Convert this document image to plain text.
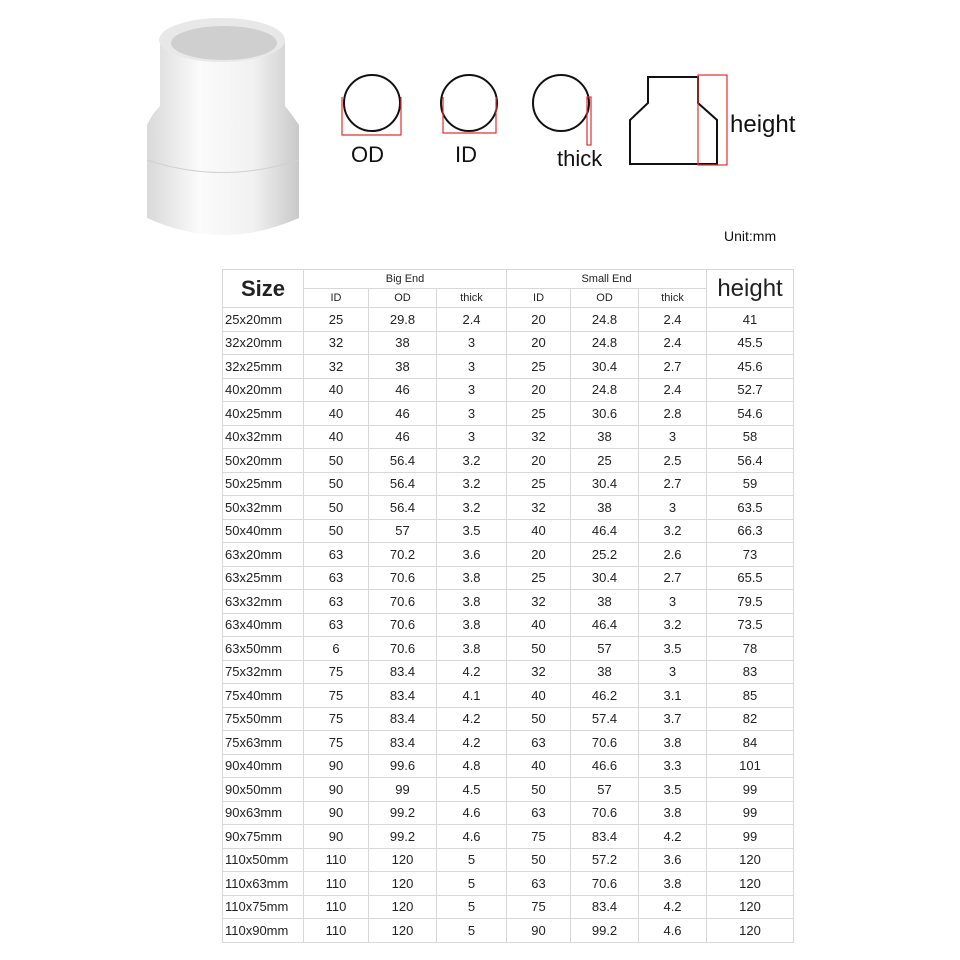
OD	ID	thick
height
Unit:mm
Size	Big End			Small End			height
	ID	OD	thick	ID	OD	thick	
25x20mm	25	29.8	2.4	20	24.8	2.4	41
32x20mm	32	38	3	20	24.8	2.4	45.5
32x25mm	32	38	3	25	30.4	2.7	45.6
40x20mm	40	46	3	20	24.8	2.4	52.7
40x25mm	40	46	3	25	30.6	2.8	54.6
40x32mm	40	46	3	32	38	3	58
50x20mm	50	56.4	3.2	20	25	2.5	56.4
50x25mm	50	56.4	3.2	25	30.4	2.7	59
50x32mm	50	56.4	3.2	32	38	3	63.5
50x40mm	50	57	3.5	40	46.4	3.2	66.3
63x20mm	63	70.2	3.6	20	25.2	2.6	73
63x25mm	63	70.6	3.8	25	30.4	2.7	65.5
63x32mm	63	70.6	3.8	32	38	3	79.5
63x40mm	63	70.6	3.8	40	46.4	3.2	73.5
63x50mm	6	70.6	3.8	50	57	3.5	78
75x32mm	75	83.4	4.2	32	38	3	83
75x40mm	75	83.4	4.1	40	46.2	3.1	85
75x50mm	75	83.4	4.2	50	57.4	3.7	82
75x63mm	75	83.4	4.2	63	70.6	3.8	84
90x40mm	90	99.6	4.8	40	46.6	3.3	101
90x50mm	90	99	4.5	50	57	3.5	99
90x63mm	90	99.2	4.6	63	70.6	3.8	99
90x75mm	90	99.2	4.6	75	83.4	4.2	99
110x50mm	110	120	5	50	57.2	3.6	120
110x63mm	110	120	5	63	70.6	3.8	120
110x75mm	110	120	5	75	83.4	4.2	120
110x90mm	110	120	5	90	99.2	4.6	120
